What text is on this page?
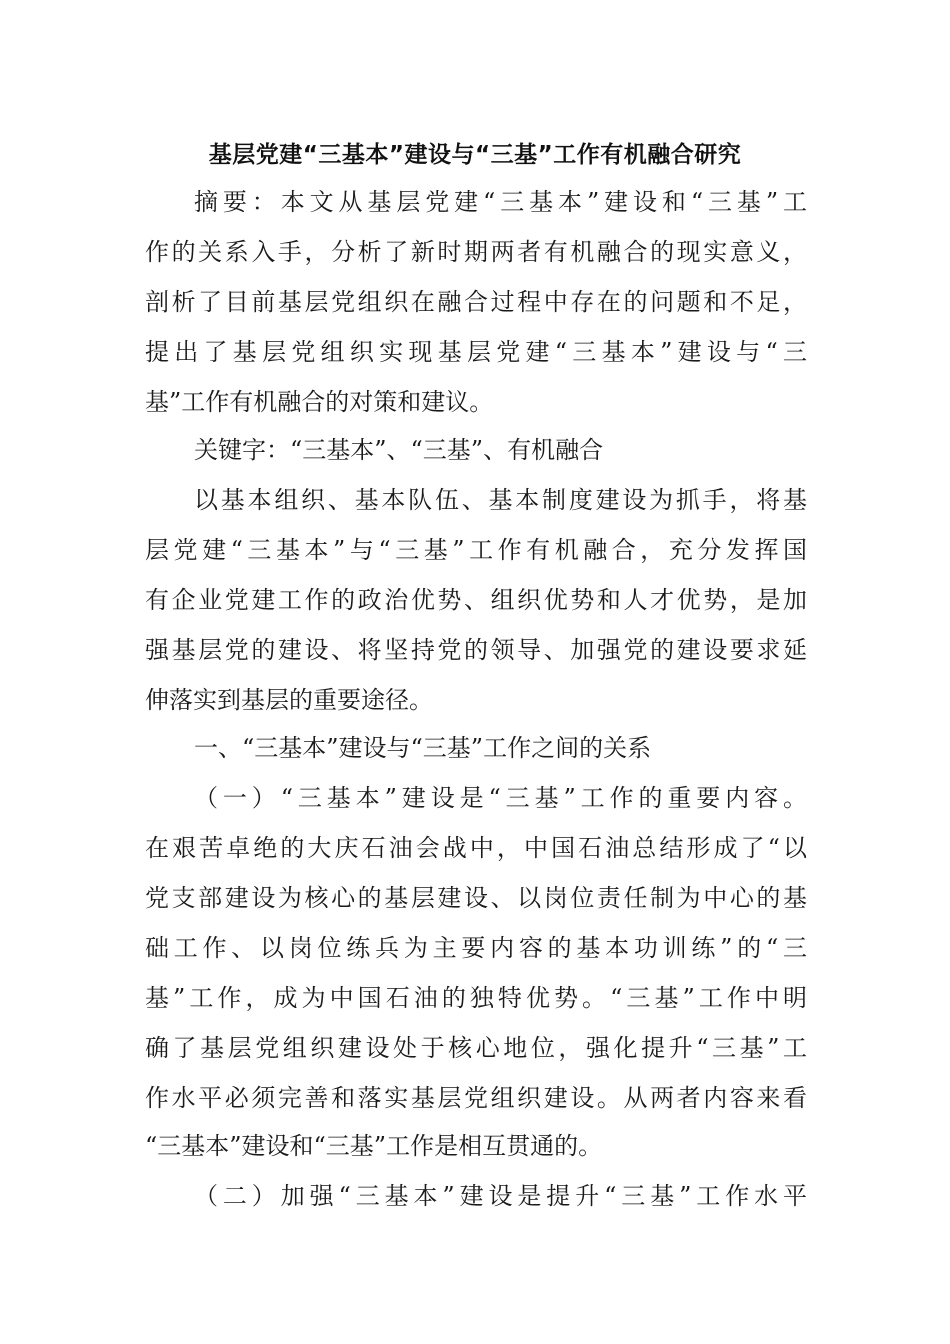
基层党建“三基本”建设与“三基”工作有机融合研究
摘要：本文从基层党建“三基本”建设和“三基”工
作的关系入手，分析了新时期两者有机融合的现实意义，
剖析了目前基层党组织在融合过程中存在的问题和不足，
提出了基层党组织实现基层党建“三基本”建设与“三
基”工作有机融合的对策和建议。
关键字：“三基本”、“三基”、有机融合
以基本组织、基本队伍、基本制度建设为抓手，将基
层党建“三基本”与“三基”工作有机融合，充分发挥国
有企业党建工作的政治优势、组织优势和人才优势，是加
强基层党的建设、将坚持党的领导、加强党的建设要求延
伸落实到基层的重要途径。
一、“三基本”建设与“三基”工作之间的关系
（一）“三基本”建设是“三基”工作的重要内容。
在艰苦卓绝的大庆石油会战中，中国石油总结形成了“以
党支部建设为核心的基层建设、以岗位责任制为中心的基
础工作、以岗位练兵为主要内容的基本功训练”的“三
基”工作，成为中国石油的独特优势。“三基”工作中明
确了基层党组织建设处于核心地位，强化提升“三基”工
作水平必须完善和落实基层党组织建设。从两者内容来看
“三基本”建设和“三基”工作是相互贯通的。
（二）加强“三基本”建设是提升“三基”工作水平
